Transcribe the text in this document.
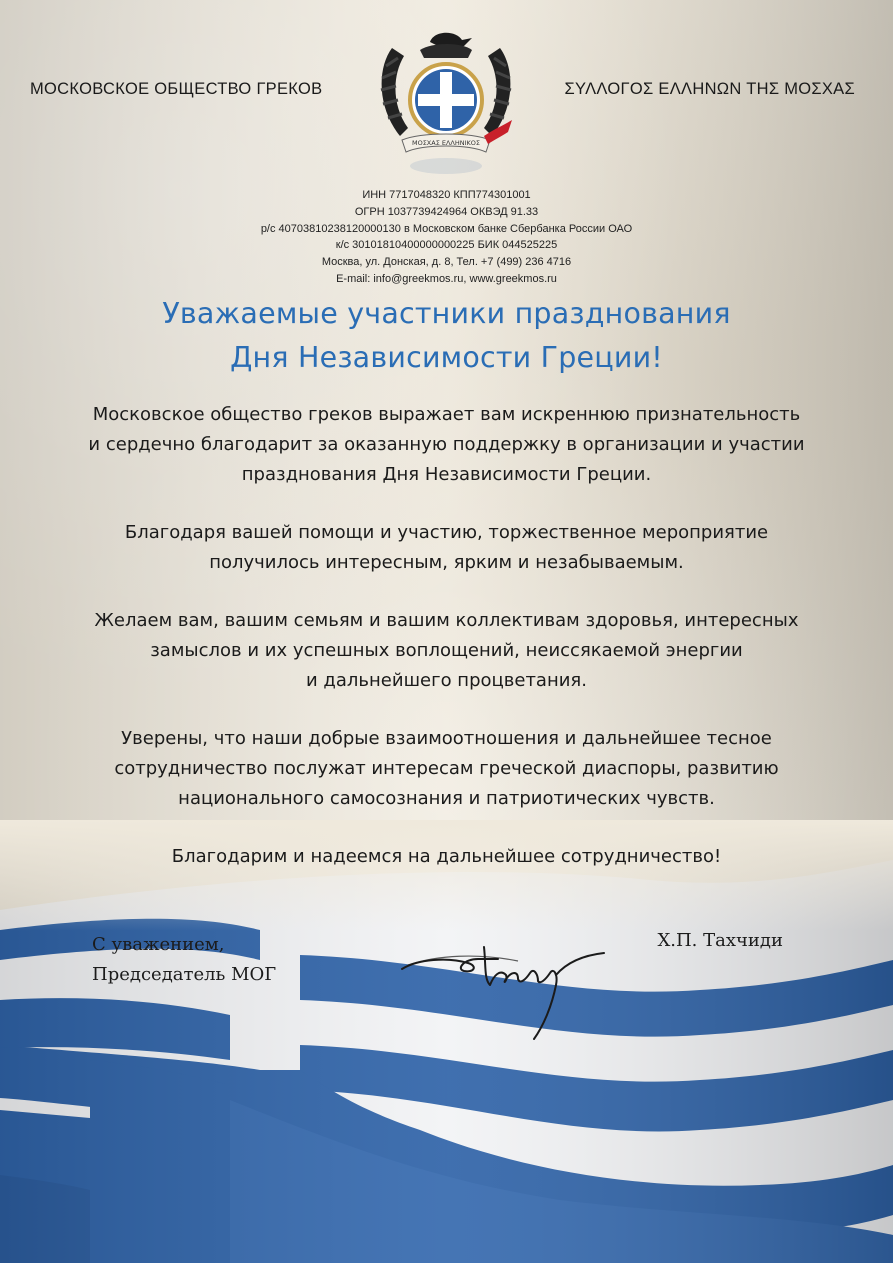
МОСКОВСКОЕ ОБЩЕСТВО ГРЕКОВ	ΣΥΛΛΟΓΟΣ ΕΛΛΗΝΩΝ ΤΗΣ ΜΟΣΧΑΣ
ΜΟΣΧΑΣ ΕΛΛΗΝΙΚΟΣ
ИНН 7717048320 КПП774301001
ОГРН 1037739424964 ОКВЭД 91.33
р/с 40703810238120000130 в Московском банке Сбербанка России ОАО
к/с 30101810400000000225 БИК 044525225
Москва, ул. Донская, д. 8, Тел. +7 (499) 236 4716
E-mail: info@greekmos.ru, www.greekmos.ru
Уважаемые участники празднования
Дня Независимости Греции!

Московское общество греков выражает вам искреннюю признательность
и сердечно благодарит за оказанную поддержку в организации и участии
празднования Дня Независимости Греции.

Благодаря вашей помощи и участию, торжественное мероприятие
получилось интересным, ярким и незабываемым.

Желаем вам, вашим семьям и вашим коллективам здоровья, интересных
замыслов и их успешных воплощений, неиссякаемой энергии
и дальнейшего процветания.

Уверены, что наши добрые взаимоотношения и дальнейшее тесное
сотрудничество послужат интересам греческой диаспоры, развитию
национального самосознания и патриотических чувств.

Благодарим и надеемся на дальнейшее сотрудничество!

С уважением,
Председатель МОГ
Х.П. Тахчиди
